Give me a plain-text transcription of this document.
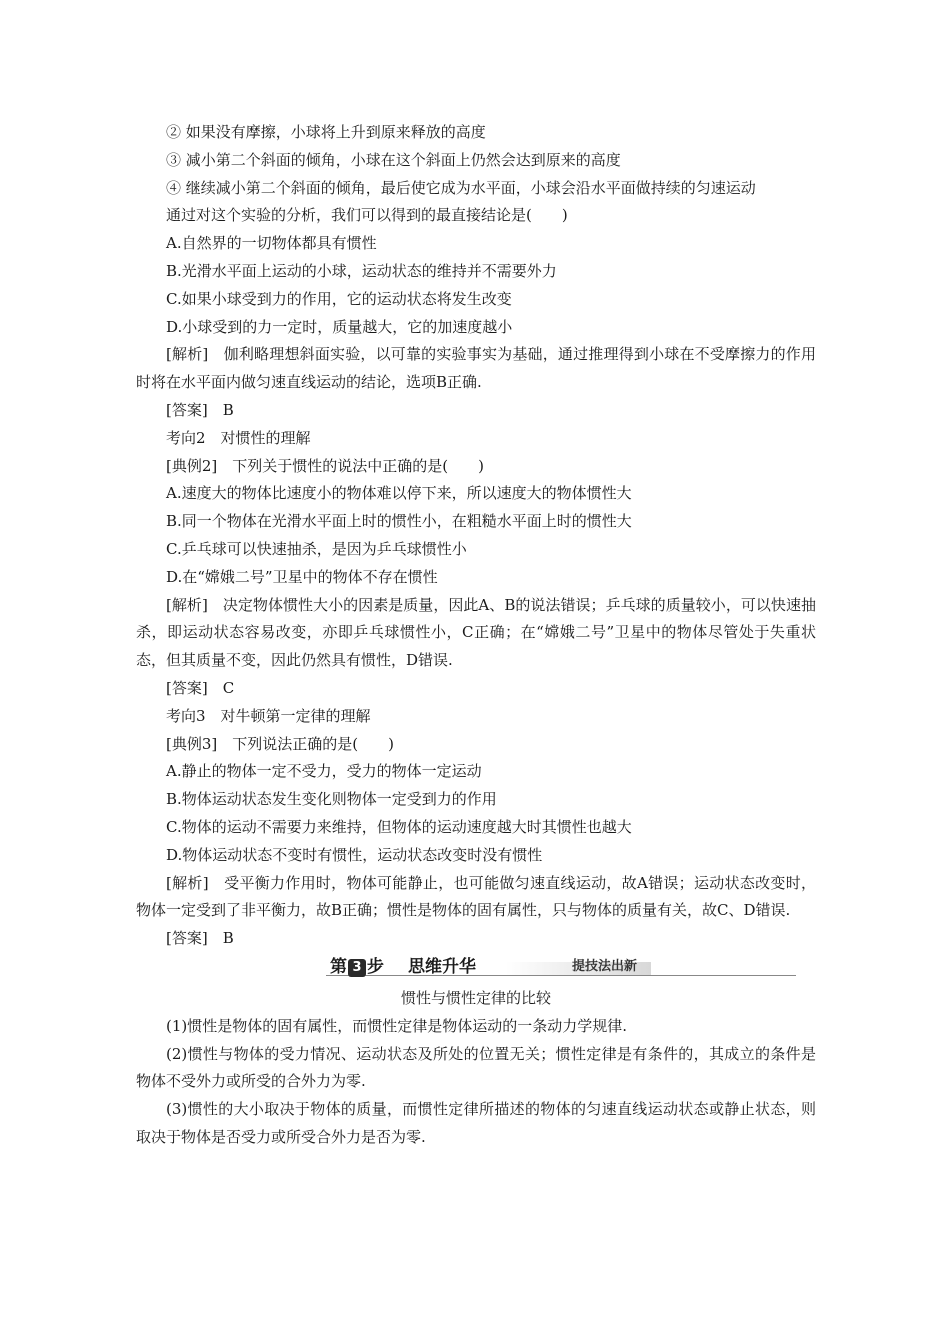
② 如果没有摩擦，小球将上升到原来释放的高度

③ 减小第二个斜面的倾角，小球在这个斜面上仍然会达到原来的高度

④ 继续减小第二个斜面的倾角，最后使它成为水平面，小球会沿水平面做持续的匀速运动

通过对这个实验的分析，我们可以得到的最直接结论是(　　)

A.自然界的一切物体都具有惯性

B.光滑水平面上运动的小球，运动状态的维持并不需要外力

C.如果小球受到力的作用，它的运动状态将发生改变

D.小球受到的力一定时，质量越大，它的加速度越小

[解析]　伽利略理想斜面实验，以可靠的实验事实为基础，通过推理得到小球在不受摩擦力的作用时将在水平面内做匀速直线运动的结论，选项B正确.

[答案]　B

考向2　对惯性的理解

[典例2]　下列关于惯性的说法中正确的是(　　)

A.速度大的物体比速度小的物体难以停下来，所以速度大的物体惯性大

B.同一个物体在光滑水平面上时的惯性小，在粗糙水平面上时的惯性大

C.乒乓球可以快速抽杀，是因为乒乓球惯性小

D.在“嫦娥二号”卫星中的物体不存在惯性

[解析]　决定物体惯性大小的因素是质量，因此A、B的说法错误；乒乓球的质量较小，可以快速抽杀，即运动状态容易改变，亦即乒乓球惯性小，C正确；在“嫦娥二号”卫星中的物体尽管处于失重状态，但其质量不变，因此仍然具有惯性，D错误.

[答案]　C

考向3　对牛顿第一定律的理解

[典例3]　下列说法正确的是(　　)

A.静止的物体一定不受力，受力的物体一定运动

B.物体运动状态发生变化则物体一定受到力的作用

C.物体的运动不需要力来维持，但物体的运动速度越大时其惯性也越大

D.物体运动状态不变时有惯性，运动状态改变时没有惯性

[解析]　受平衡力作用时，物体可能静止，也可能做匀速直线运动，故A错误；运动状态改变时，物体一定受到了非平衡力，故B正确；惯性是物体的固有属性，只与物体的质量有关，故C、D错误.

[答案]　B

第 3 步 思维升华	提技法出新

惯性与惯性定律的比较

(1)惯性是物体的固有属性，而惯性定律是物体运动的一条动力学规律.

(2)惯性与物体的受力情况、运动状态及所处的位置无关；惯性定律是有条件的，其成立的条件是物体不受外力或所受的合外力为零.

(3)惯性的大小取决于物体的质量，而惯性定律所描述的物体的匀速直线运动状态或静止状态，则取决于物体是否受力或所受合外力是否为零.
